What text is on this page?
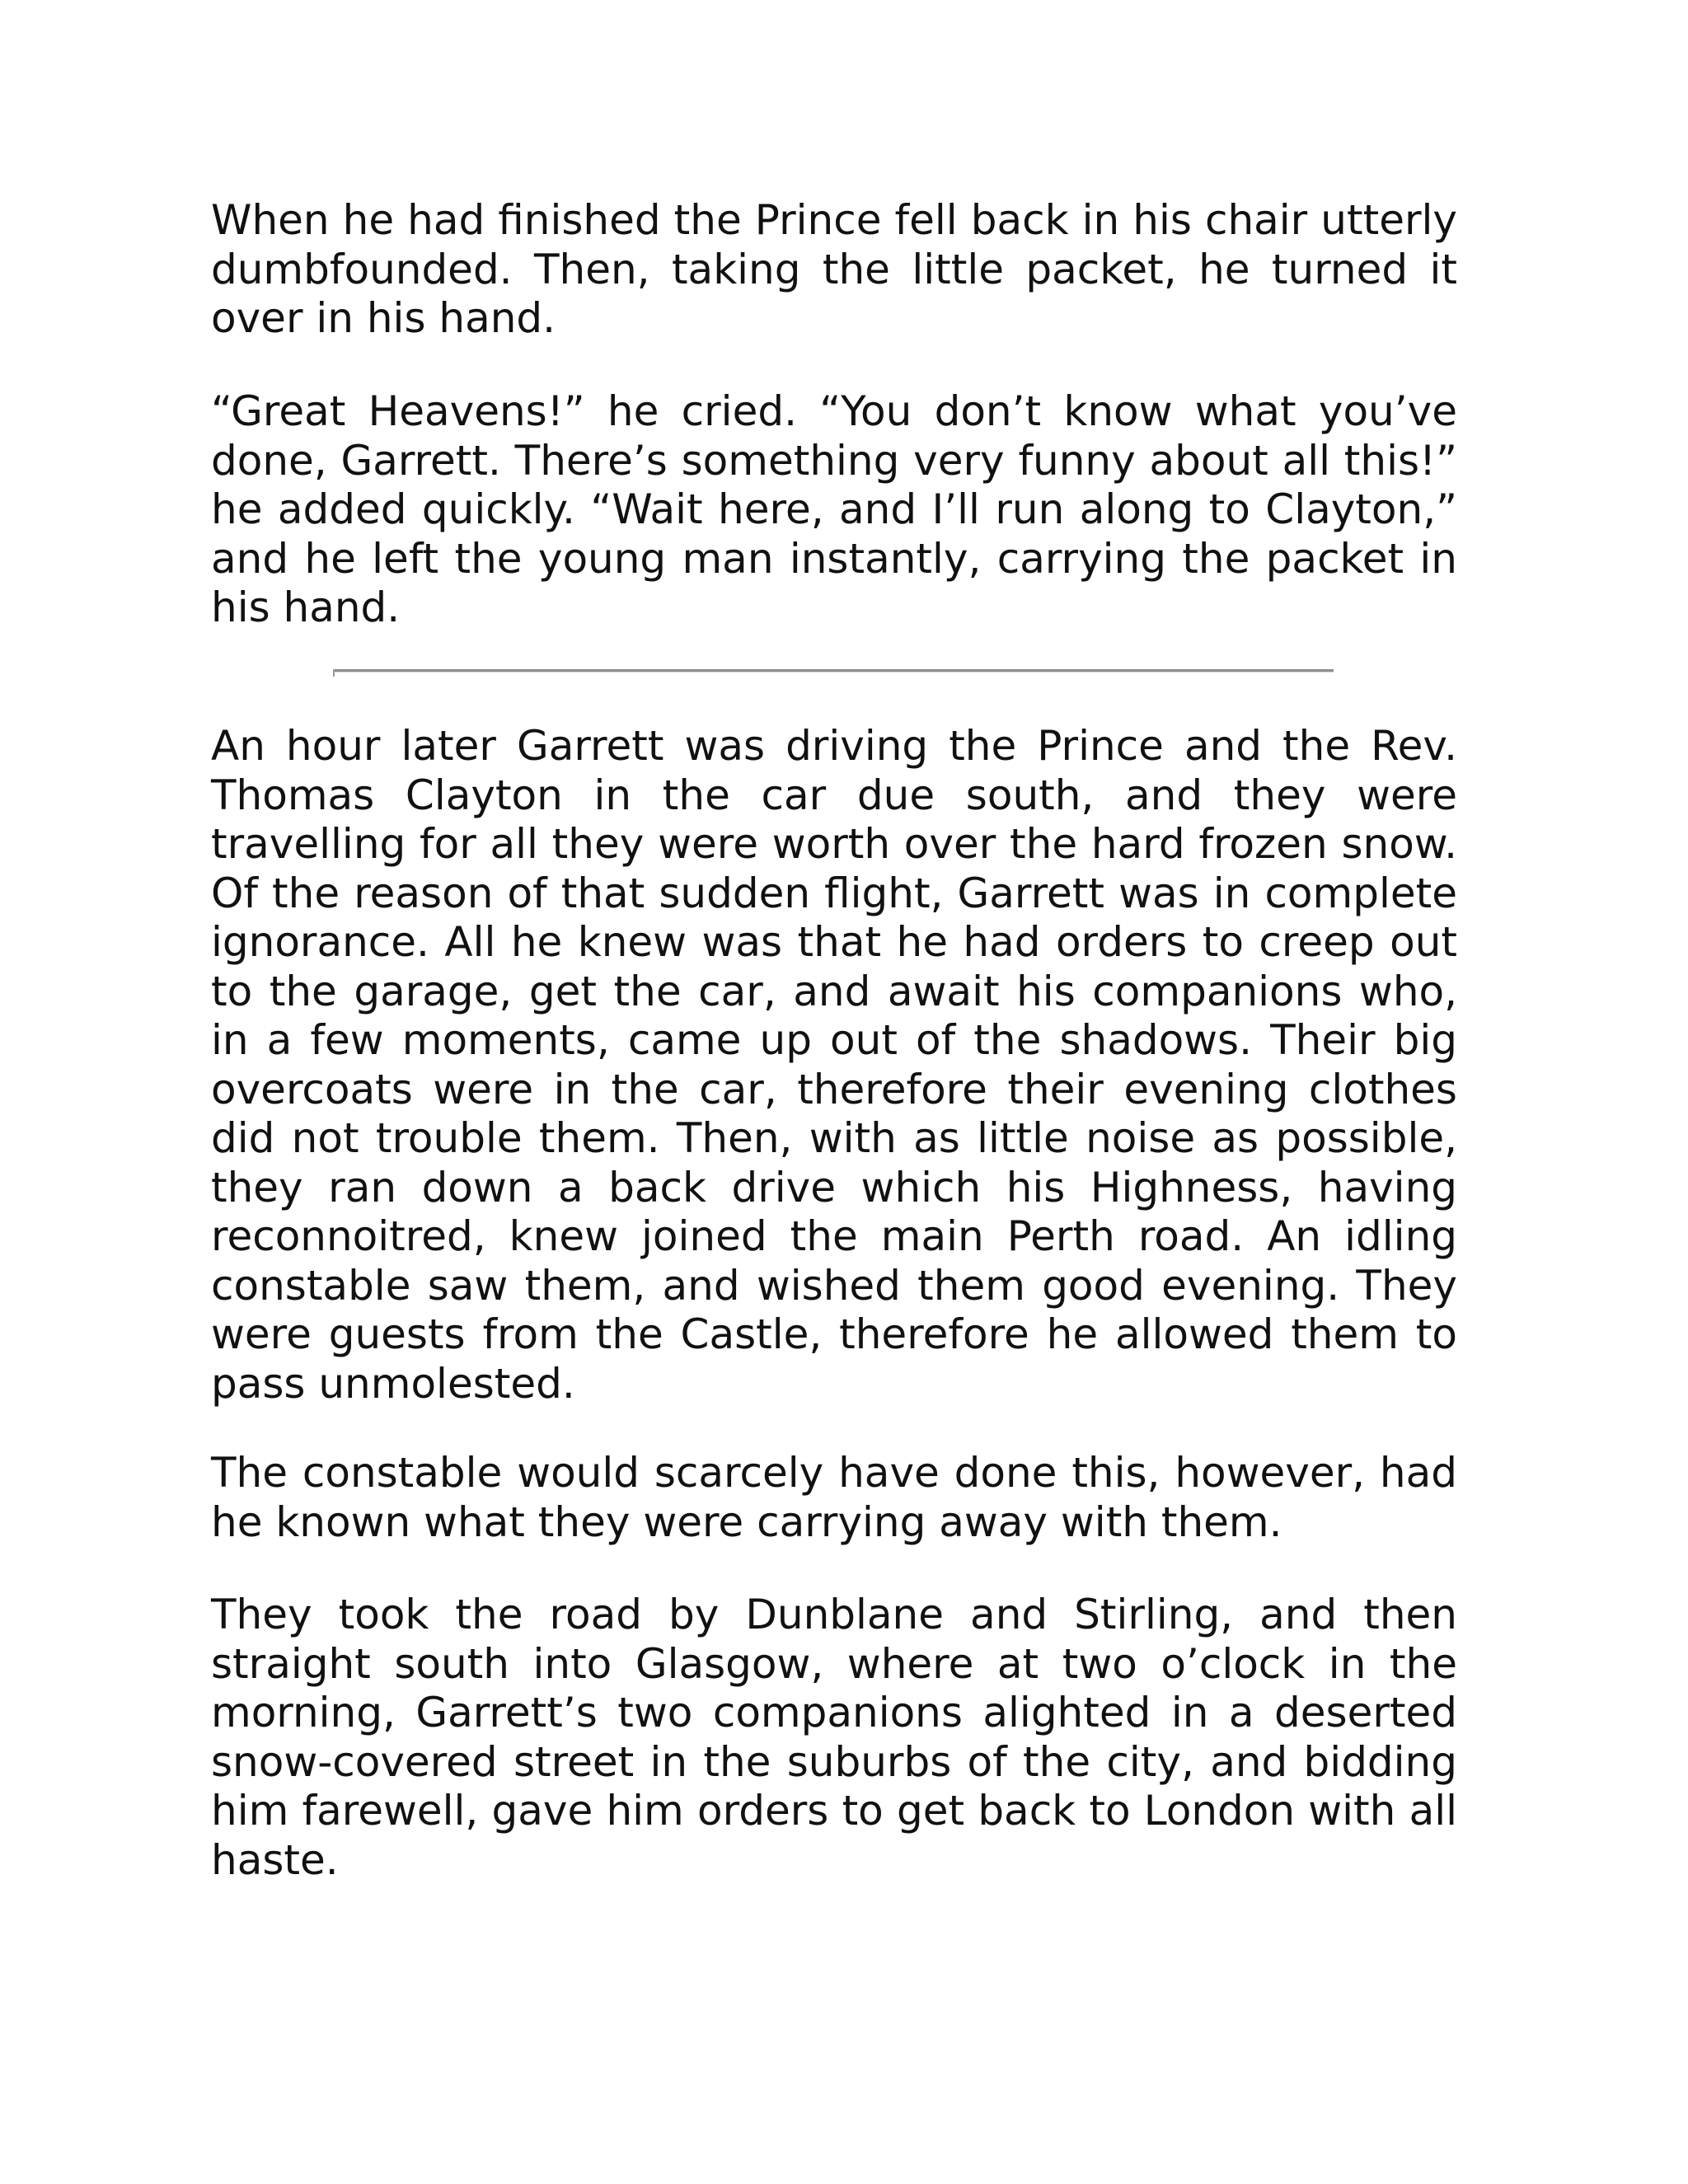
When he had finished the Prince fell back in his chair utterly dumbfounded. Then, taking the little packet, he turned it over in his hand.

“Great Heavens!” he cried. “You don’t know what you’ve done, Garrett. There’s something very funny about all this!” he added quickly. “Wait here, and I’ll run along to Clayton,” and he left the young man instantly, carrying the packet in his hand.

An hour later Garrett was driving the Prince and the Rev. Thomas Clayton in the car due south, and they were travelling for all they were worth over the hard frozen snow. Of the reason of that sudden flight, Garrett was in complete ignorance. All he knew was that he had orders to creep out to the garage, get the car, and await his companions who, in a few moments, came up out of the shadows. Their big overcoats were in the car, therefore their evening clothes did not trouble them. Then, with as little noise as possible, they ran down a back drive which his Highness, having reconnoitred, knew joined the main Perth road. An idling constable saw them, and wished them good evening. They were guests from the Castle, therefore he allowed them to pass unmolested.

The constable would scarcely have done this, however, had he known what they were carrying away with them.

They took the road by Dunblane and Stirling, and then straight south into Glasgow, where at two o’clock in the morning, Garrett’s two companions alighted in a deserted snow-covered street in the suburbs of the city, and bidding him farewell, gave him orders to get back to London with all haste.
